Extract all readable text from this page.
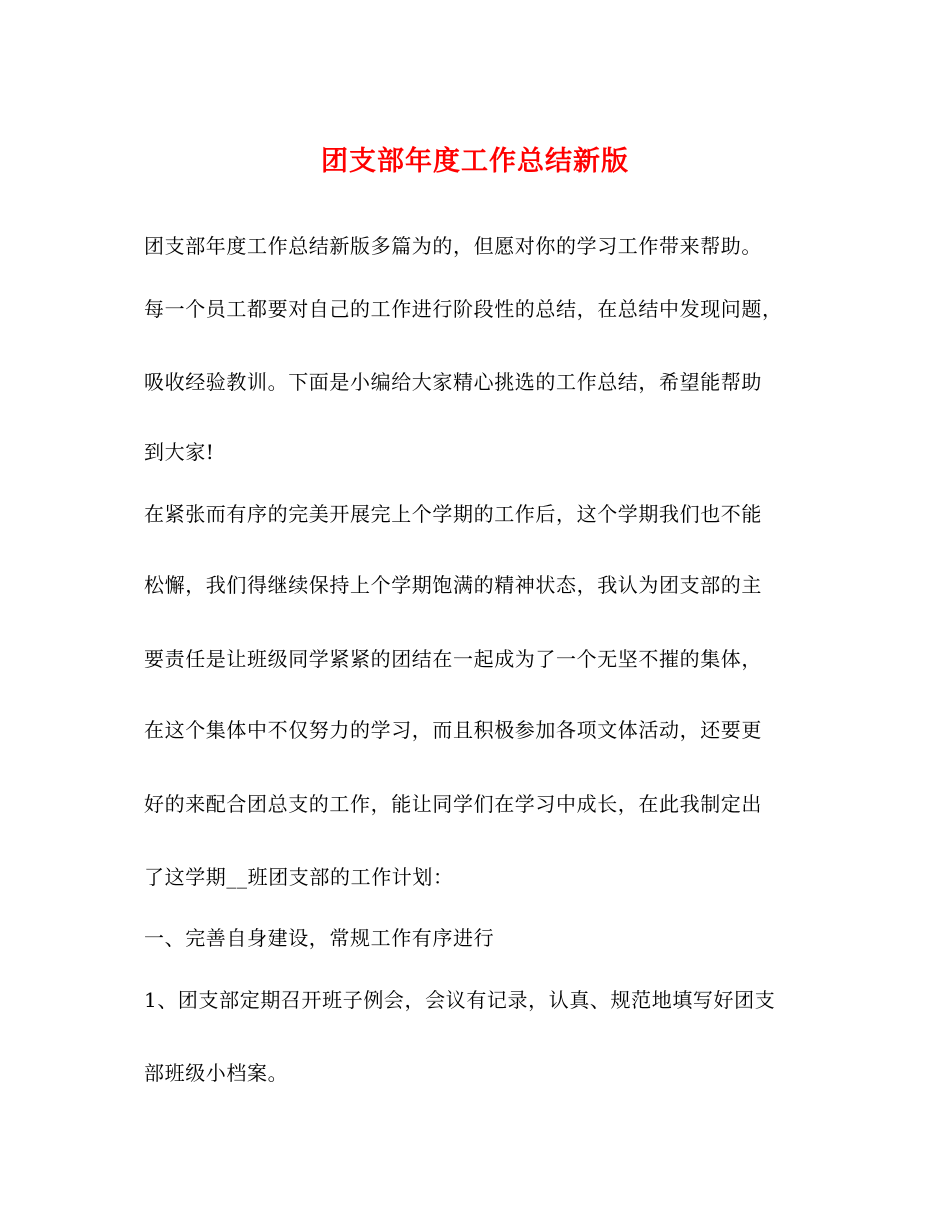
团支部年度工作总结新版
团支部年度工作总结新版多篇为的，但愿对你的学习工作带来帮助。
每一个员工都要对自己的工作进行阶段性的总结，在总结中发现问题，
吸收经验教训。下面是小编给大家精心挑选的工作总结，希望能帮助
到大家!
在紧张而有序的完美开展完上个学期的工作后，这个学期我们也不能
松懈，我们得继续保持上个学期饱满的精神状态，我认为团支部的主
要责任是让班级同学紧紧的团结在一起成为了一个无坚不摧的集体，
在这个集体中不仅努力的学习，而且积极参加各项文体活动，还要更
好的来配合团总支的工作，能让同学们在学习中成长，在此我制定出
了这学期__班团支部的工作计划：
一、完善自身建设，常规工作有序进行
1、团支部定期召开班子例会，会议有记录，认真、规范地填写好团支
部班级小档案。
